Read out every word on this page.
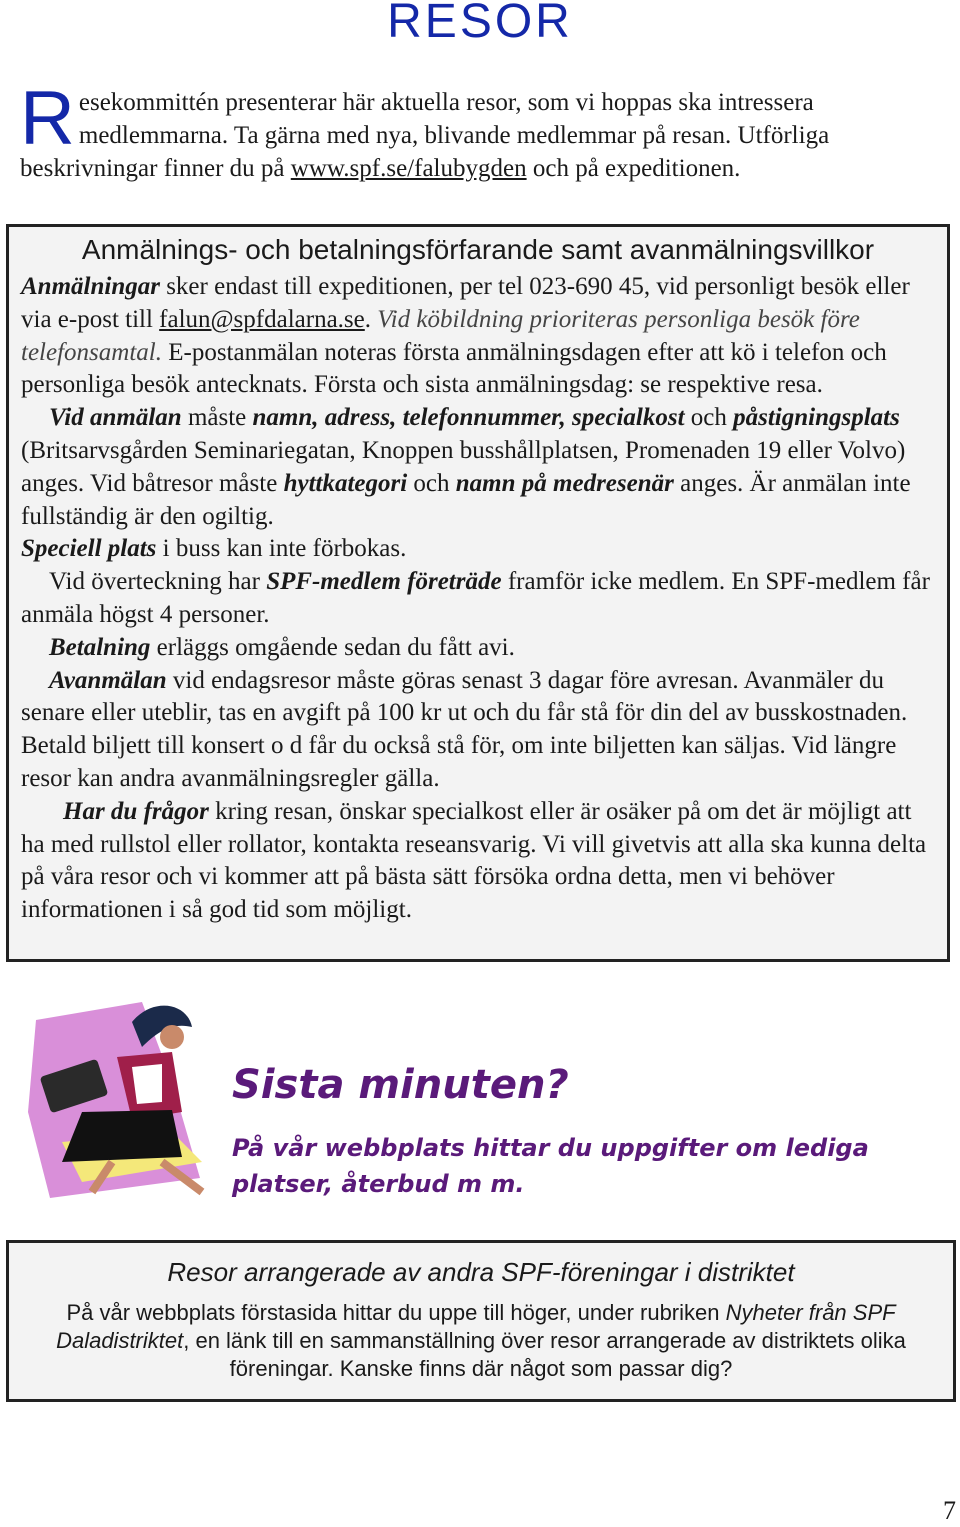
RESOR
Resekommittén presenterar här aktuella resor, som vi hoppas ska intressera medlemmarna. Ta gärna med nya, blivande medlemmar på resan. Utförliga beskrivningar finner du på www.spf.se/falubygden och på expeditionen.
Anmälnings- och betalningsförfarande samt avanmälningsvillkor

Anmälningar sker endast till expeditionen, per tel 023-690 45, vid personligt besök eller via e-post till falun@spfdalarna.se. Vid köbildning prioriteras personliga besök före telefonsamtal. E-postanmälan noteras första anmälningsdagen efter att kö i telefon och personliga besök antecknats. Första och sista anmälningsdag: se respektive resa.

Vid anmälan måste namn, adress, telefonnummer, specialkost och påstigningsplats (Britsarvsgården Seminariegatan, Knoppen busshållplatsen, Promenaden 19 eller Volvo) anges. Vid båtresor måste hyttkategori och namn på medresenär anges. Är anmälan inte fullständig är den ogiltig.

Speciell plats i buss kan inte förbokas.

Vid överteckning har SPF-medlem företräde framför icke medlem. En SPF-medlem får anmäla högst 4 personer.

Betalning erläggs omgående sedan du fått avi.

Avanmälan vid endagsresor måste göras senast 3 dagar före avresan. Avanmäler du senare eller uteblir, tas en avgift på 100 kr ut och du får stå för din del av busskostnaden. Betald biljett till konsert o d får du också stå för, om inte biljetten kan säljas. Vid längre resor kan andra avanmälningsregler gälla.

Har du frågor kring resan, önskar specialkost eller är osäker på om det är möjligt att ha med rullstol eller rollator, kontakta reseansvarig. Vi vill givetvis att alla ska kunna delta på våra resor och vi kommer att på bästa sätt försöka ordna detta, men vi behöver informationen i så god tid som möjligt.

Sista minuten?
På vår webbplats hittar du uppgifter om lediga platser, återbud m m.
Resor arrangerade av andra SPF-föreningar i distriktet

På vår webbplats förstasida hittar du uppe till höger, under rubriken Nyheter från SPF Daladistriktet, en länk till en sammanställning över resor arrangerade av distriktets olika föreningar. Kanske finns där något som passar dig?

7
